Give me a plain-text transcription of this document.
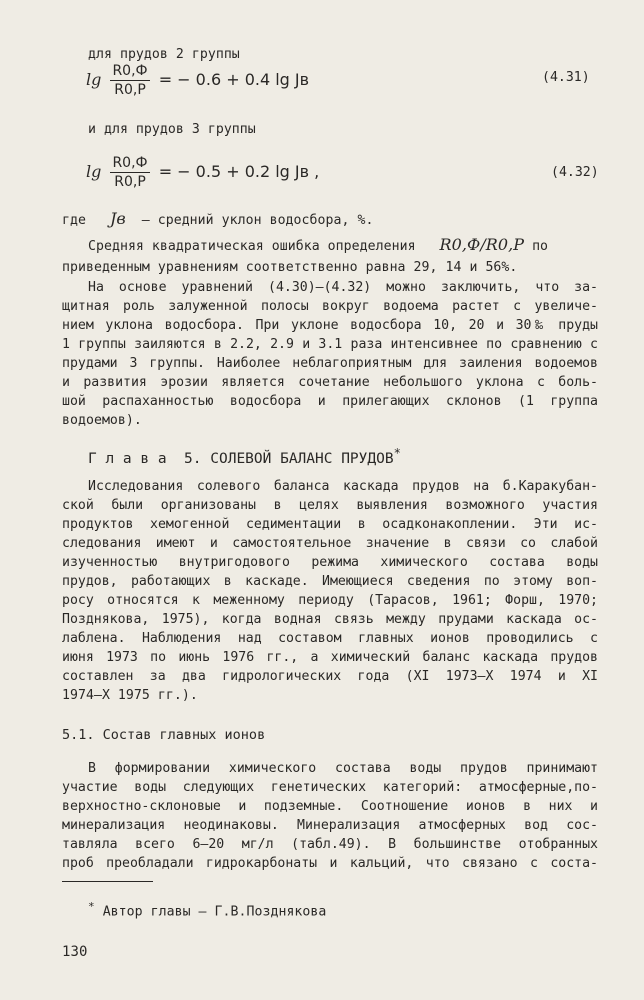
для прудов 2 группы
$\lg \frac{R0,Ф}{R0,P}$ = − 0.6 + 0.4 lg Jв	(4.31)
и для прудов 3 группы
$\lg \frac{R0,Ф}{R0,P}$ = − 0.5 + 0.2 lg Jв ,	(4.32)
где Jв – средний уклон водосбора, %.
Средняя квадратическая ошибка определения R0,Ф/R0,P по
приведенным уравнениям соответственно равна 29, 14 и 56%.
На основе уравнений (4.30)–(4.32) можно заключить, что за-
щитная роль залуженной полосы вокруг водоема растет с увеличе-
нием уклона водосбора. При уклоне водосбора 10, 20 и 30‰ пруды
1 группы заиляются в 2.2, 2.9 и 3.1 раза интенсивнее по сравнению с
прудами 3 группы. Наиболее неблагоприятным для заиления водоемов
и развития эрозии является сочетание небольшого уклона с боль-
шой распаханностью водосбора и прилегающих склонов (1 группа
водоемов).
Г л а в а 5. СОЛЕВОЙ БАЛАНС ПРУДОВ*
Исследования солевого баланса каскада прудов на б.Каракубан-
ской были организованы в целях выявления возможного участия
продуктов хемогенной седиментации в осадконакоплении. Эти ис-
следования имеют и самостоятельное значение в связи со слабой
изученностью внутригодового режима химического состава воды
прудов, работающих в каскаде. Имеющиеся сведения по этому воп-
росу относятся к меженному периоду (Тарасов, 1961; Форш, 1970;
Позднякова, 1975), когда водная связь между прудами каскада ос-
лаблена. Наблюдения над составом главных ионов проводились с
июня 1973 по июнь 1976 гг., а химический баланс каскада прудов
составлен за два гидрологических года (XI 1973–X 1974 и XI
1974–X 1975 гг.).
5.1. Состав главных ионов
В формировании химического состава воды прудов принимают
участие воды следующих генетических категорий: атмосферные,по-
верхностно-склоновые и подземные. Соотношение ионов в них и
минерализация неодинаковы. Минерализация атмосферных вод сос-
тавляла всего 6–20 мг/л (табл.49). В большинстве отобранных
проб преобладали гидрокарбонаты и кальций, что связано с соста-
* Автор главы – Г.В.Позднякова
130
